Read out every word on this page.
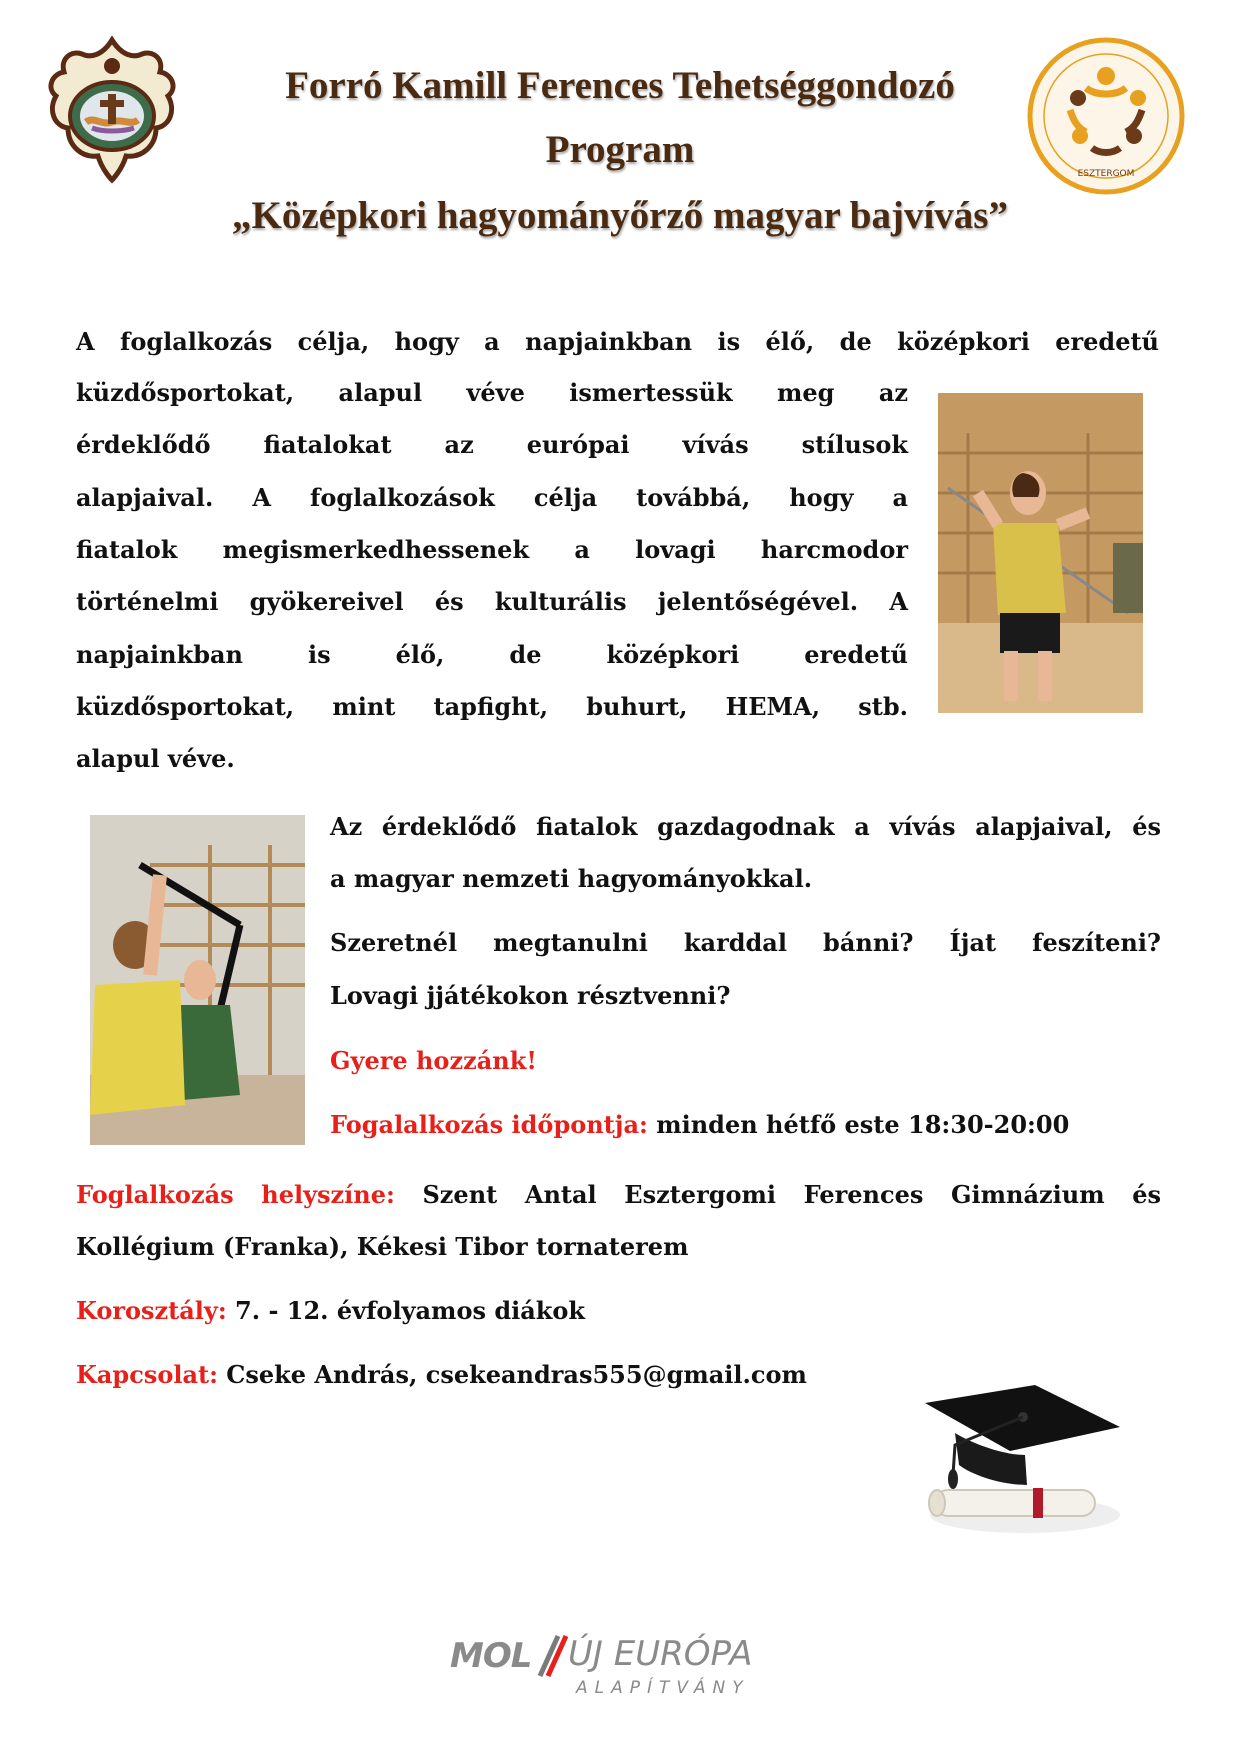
ESZTERGOM
Forró Kamill Ferences Tehetséggondozó
Program
„Középkori hagyományőrző magyar bajvívás”
A foglalkozás célja, hogy a napjainkban is élő, de középkori eredetű
küzdősportokat, alapul véve ismertessük meg az
érdeklődő fiatalokat az európai vívás stílusok
alapjaival. A foglalkozások célja továbbá, hogy a
fiatalok megismerkedhessenek a lovagi harcmodor
történelmi gyökereivel és kulturális jelentőségével. A
napjainkban is élő, de középkori eredetű
küzdősportokat, mint tapfight, buhurt, HEMA, stb.
alapul véve.
Az érdeklődő fiatalok gazdagodnak a vívás alapjaival, és
a magyar nemzeti hagyományokkal.
Szeretnél megtanulni karddal bánni? Íjat feszíteni?
Lovagi jjátékokon résztvenni?
Gyere hozzánk!
Fogalalkozás időpontja: minden hétfő este 18:30-20:00
Foglalkozás helyszíne: Szent Antal Esztergomi Ferences Gimnázium és
Kollégium (Franka), Kékesi Tibor tornaterem
Korosztály: 7. - 12. évfolyamos diákok
Kapcsolat: Cseke András, csekeandras555@gmail.com
MOL ÚJ EURÓPA
ALAPÍTVÁNY
